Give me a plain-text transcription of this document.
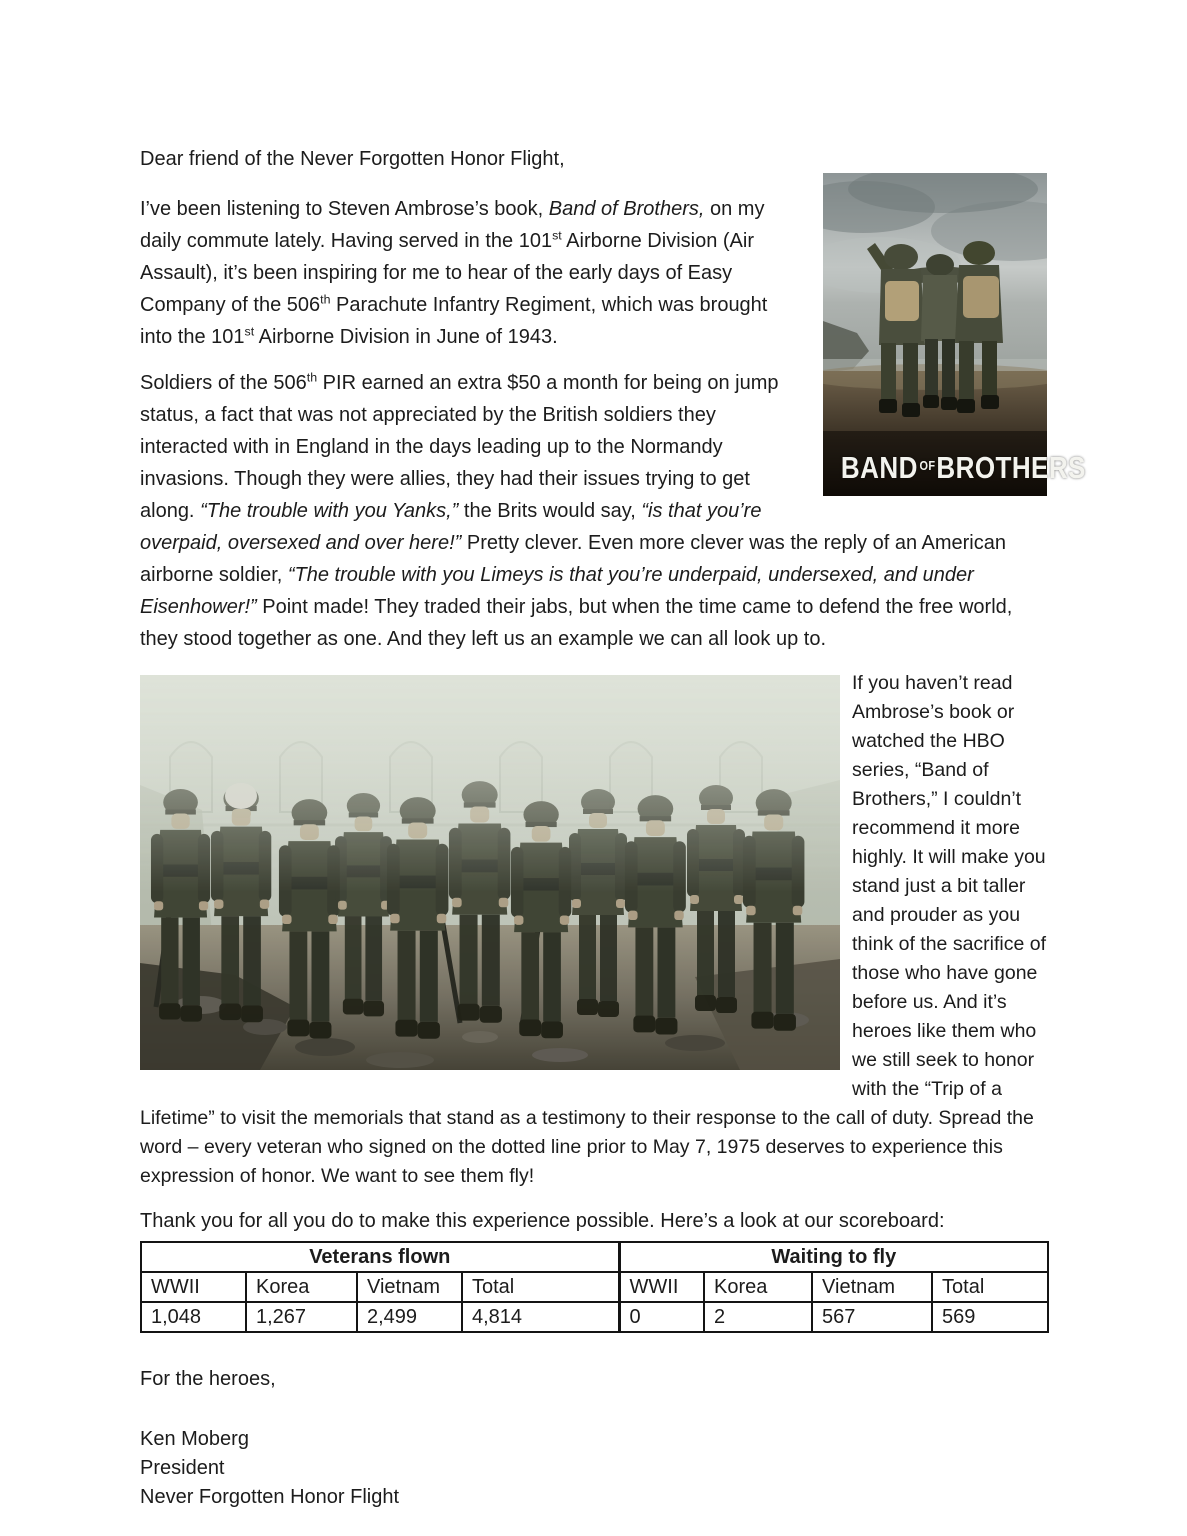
BAND OFBROTHERS

Dear friend of the Never Forgotten Honor Flight,

I’ve been listening to Steven Ambrose’s book, Band of Brothers, on my daily commute lately. Having served in the 101st Airborne Division (Air Assault), it’s been inspiring for me to hear of the early days of Easy Company of the 506th Parachute Infantry Regiment, which was brought into the 101st Airborne Division in June of 1943.

Soldiers of the 506th PIR earned an extra $50 a month for being on jump status, a fact that was not appreciated by the British soldiers they interacted with in England in the days leading up to the Normandy invasions. Though they were allies, they had their issues trying to get along. “The trouble with you Yanks,” the Brits would say, “is that you’re overpaid, oversexed and over here!” Pretty clever. Even more clever was the reply of an American airborne soldier, “The trouble with you Limeys is that you’re underpaid, undersexed, and under Eisenhower!” Point made! They traded their jabs, but when the time came to defend the free world, they stood together as one. And they left us an example we can all look up to.

If you haven’t read Ambrose’s book or watched the HBO series, “Band of Brothers,” I couldn’t recommend it more highly. It will make you stand just a bit taller and prouder as you think of the sacrifice of those who have gone before us. And it’s heroes like them who we still seek to honor with the “Trip of a Lifetime” to visit the memorials that stand as a testimony to their response to the call of duty. Spread the word – every veteran who signed on the dotted line prior to May 7, 1975 deserves to experience this expression of honor. We want to see them fly!

Thank you for all you do to make this experience possible. Here’s a look at our scoreboard:

Veterans flown				Waiting to fly			
WWII	Korea	Vietnam	Total	WWII	Korea	Vietnam	Total
1,048	1,267	2,499	4,814	0	2	567	569

For the heroes,

Ken Moberg
President
Never Forgotten Honor Flight
